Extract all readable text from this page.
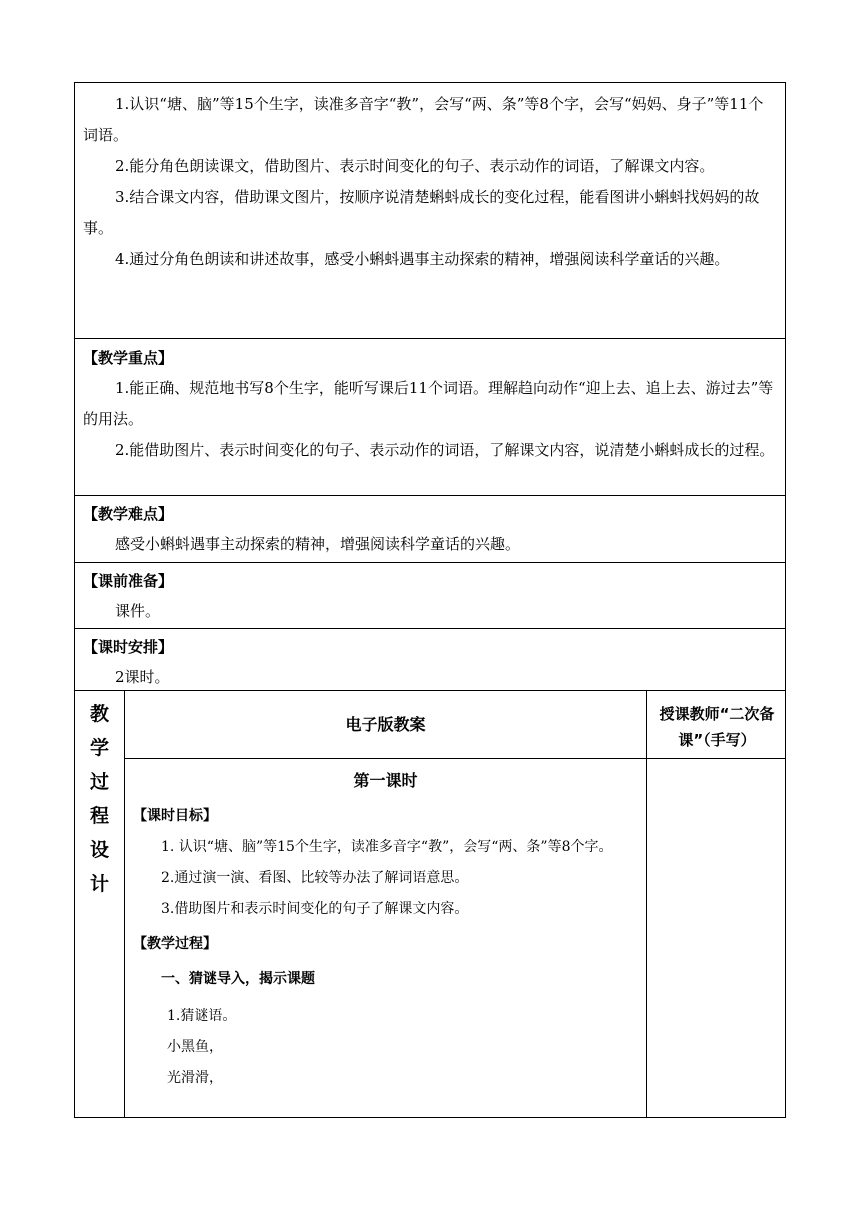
1.认识“塘、脑”等15个生字，读准多音字“教”，会写“两、条”等8个字，会写“妈妈、身子”等11个词语。

2.能分角色朗读课文，借助图片、表示时间变化的句子、表示动作的词语，了解课文内容。

3.结合课文内容，借助课文图片，按顺序说清楚蝌蚪成长的变化过程，能看图讲小蝌蚪找妈妈的故事。

4.通过分角色朗读和讲述故事，感受小蝌蚪遇事主动探索的精神，增强阅读科学童话的兴趣。

【教学重点】

1.能正确、规范地书写8个生字，能听写课后11个词语。理解趋向动作“迎上去、追上去、游过去”等的用法。

2.能借助图片、表示时间变化的句子、表示动作的词语，了解课文内容，说清楚小蝌蚪成长的过程。

【教学难点】

感受小蝌蚪遇事主动探索的精神，增强阅读科学童话的兴趣。

【课前准备】

课件。

【课时安排】

2课时。

教
学
过
程
设
计
电子版教案
授课教师“二次备课”（手写）

第一课时

【课时目标】

1. 认识“塘、脑”等15个生字，读准多音字“教”，会写“两、条”等8个字。

2.通过演一演、看图、比较等办法了解词语意思。

3.借助图片和表示时间变化的句子了解课文内容。

【教学过程】

一、猜谜导入，揭示课题

1.猜谜语。

小黑鱼，

光滑滑，
